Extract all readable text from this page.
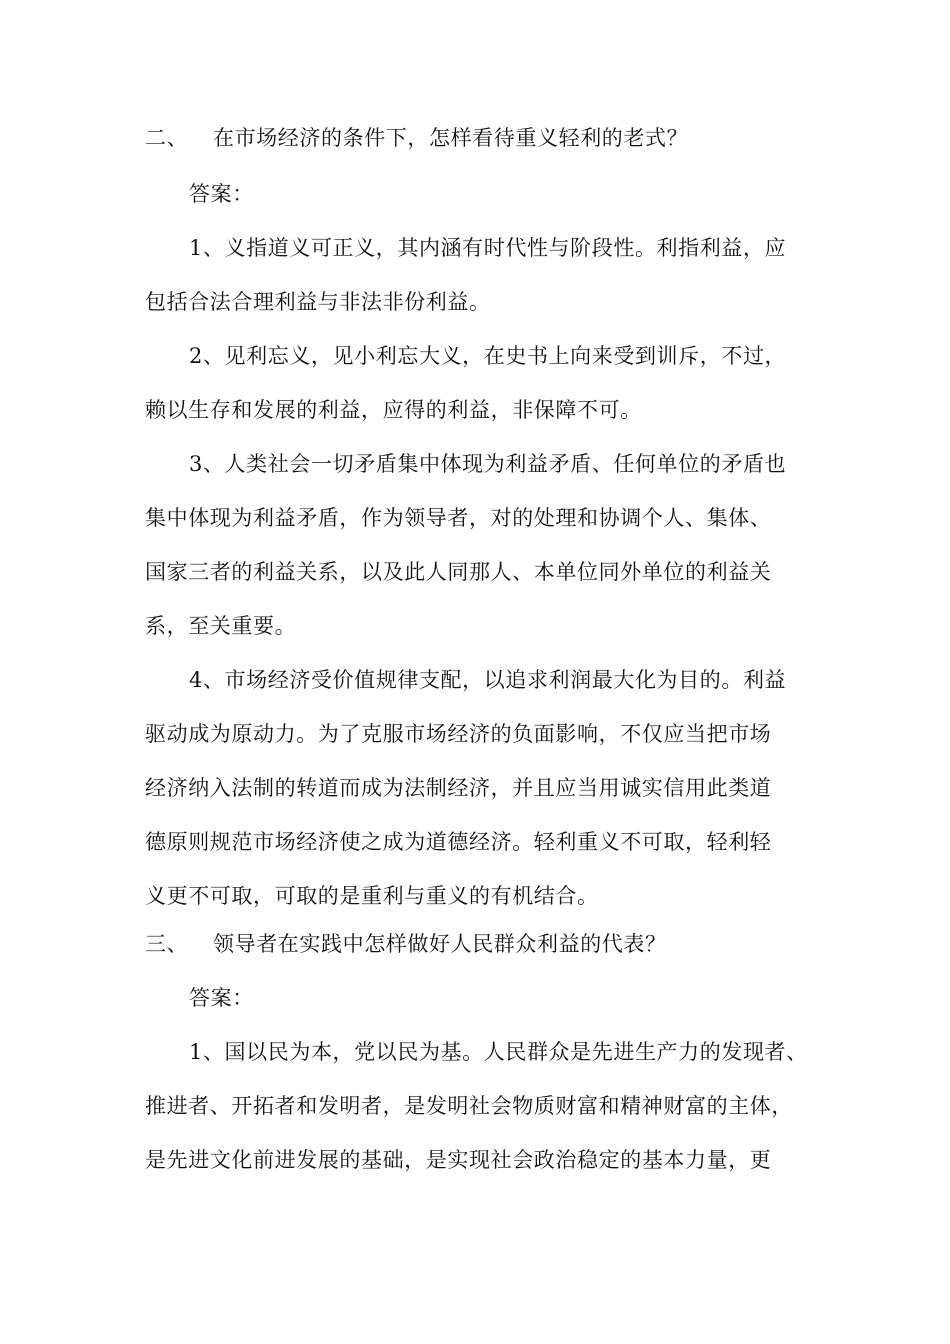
二、 在市场经济的条件下，怎样看待重义轻利的老式？
答案：
1、义指道义可正义，其内涵有时代性与阶段性。利指利益，应
包括合法合理利益与非法非份利益。
2、见利忘义，见小利忘大义，在史书上向来受到训斥，不过，
赖以生存和发展的利益，应得的利益，非保障不可。
3、人类社会一切矛盾集中体现为利益矛盾、任何单位的矛盾也
集中体现为利益矛盾，作为领导者，对的处理和协调个人、集体、
国家三者的利益关系，以及此人同那人、本单位同外单位的利益关
系，至关重要。
4、市场经济受价值规律支配，以追求利润最大化为目的。利益
驱动成为原动力。为了克服市场经济的负面影响，不仅应当把市场
经济纳入法制的转道而成为法制经济，并且应当用诚实信用此类道
德原则规范市场经济使之成为道德经济。轻利重义不可取，轻利轻
义更不可取，可取的是重利与重义的有机结合。
三、 领导者在实践中怎样做好人民群众利益的代表？
答案：
1、国以民为本，党以民为基。人民群众是先进生产力的发现者、
推进者、开拓者和发明者，是发明社会物质财富和精神财富的主体，
是先进文化前进发展的基础，是实现社会政治稳定的基本力量，更
